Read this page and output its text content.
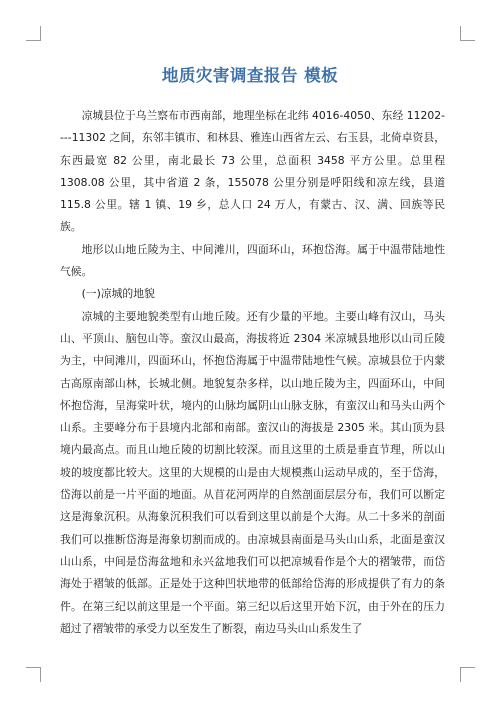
地质灾害调查报告 模板

凉城县位于乌兰察布市西南部，地理坐标在北纬 4016-4050、东经 11202----11302 之间，东邻丰镇市、和林县、雅连山西省左云、右玉县，北倚卓资县，东西最宽 82 公里，南北最长 73 公里，总面积 3458 平方公里。总里程 1308.08 公里，其中省道 2 条，155078 公里分别是呼阳线和凉左线，县道 115.8 公里。辖 1 镇、19 乡，总人口 24 万人，有蒙古、汉、满、回族等民族。

地形以山地丘陵为主、中间滩川，四面环山，环抱岱海。属于中温带陆地性气候。

(一)凉城的地貌

凉城的主要地貌类型有山地丘陵。还有少量的平地。主要山峰有汉山，马头山、平顶山、脑包山等。蛮汉山最高，海拔将近 2304 米凉城县地形以山司丘陵为主，中间滩川，四面环山，怀抱岱海属于中温带陆地性气候。凉城县位于内蒙古高原南部山林，长城北侧。地貌复杂多样，以山地丘陵为主，四面环山，中间怀抱岱海，呈海棠叶状，境内的山脉均属阴山山脉支脉，有蛮汉山和马头山两个山系。主要峰分布于县境内北部和南部。蛮汉山的海拔是 2305 米。其山顶为县境内最高点。而且山地丘陵的切割比较深。而且这里的土质是垂直节理，所以山坡的坡度都比较大。这里的大规模的山是由大规模燕山运动早成的，至于岱海，岱海以前是一片平面的地面。从苜花河两岸的自然剖面层层分布，我们可以断定这是海象沉积。从海象沉积我们可以看到这里以前是个大海。从二十多米的剖面我们可以推断岱海是海象切割而成的。由凉城县南面是马头山山系，北面是蛮汉山山系，中间是岱海盆地和永兴盆地我们可以把凉城看作是个大的褶皱带，而岱海处于褶皱的低部。正是处于这种凹状地带的低部给岱海的形成提供了有力的条件。在第三纪以前这里是一个平面。第三纪以后这里开始下沉，由于外在的压力超过了褶皱带的承受力以至发生了断裂，南边马头山山系发生了
